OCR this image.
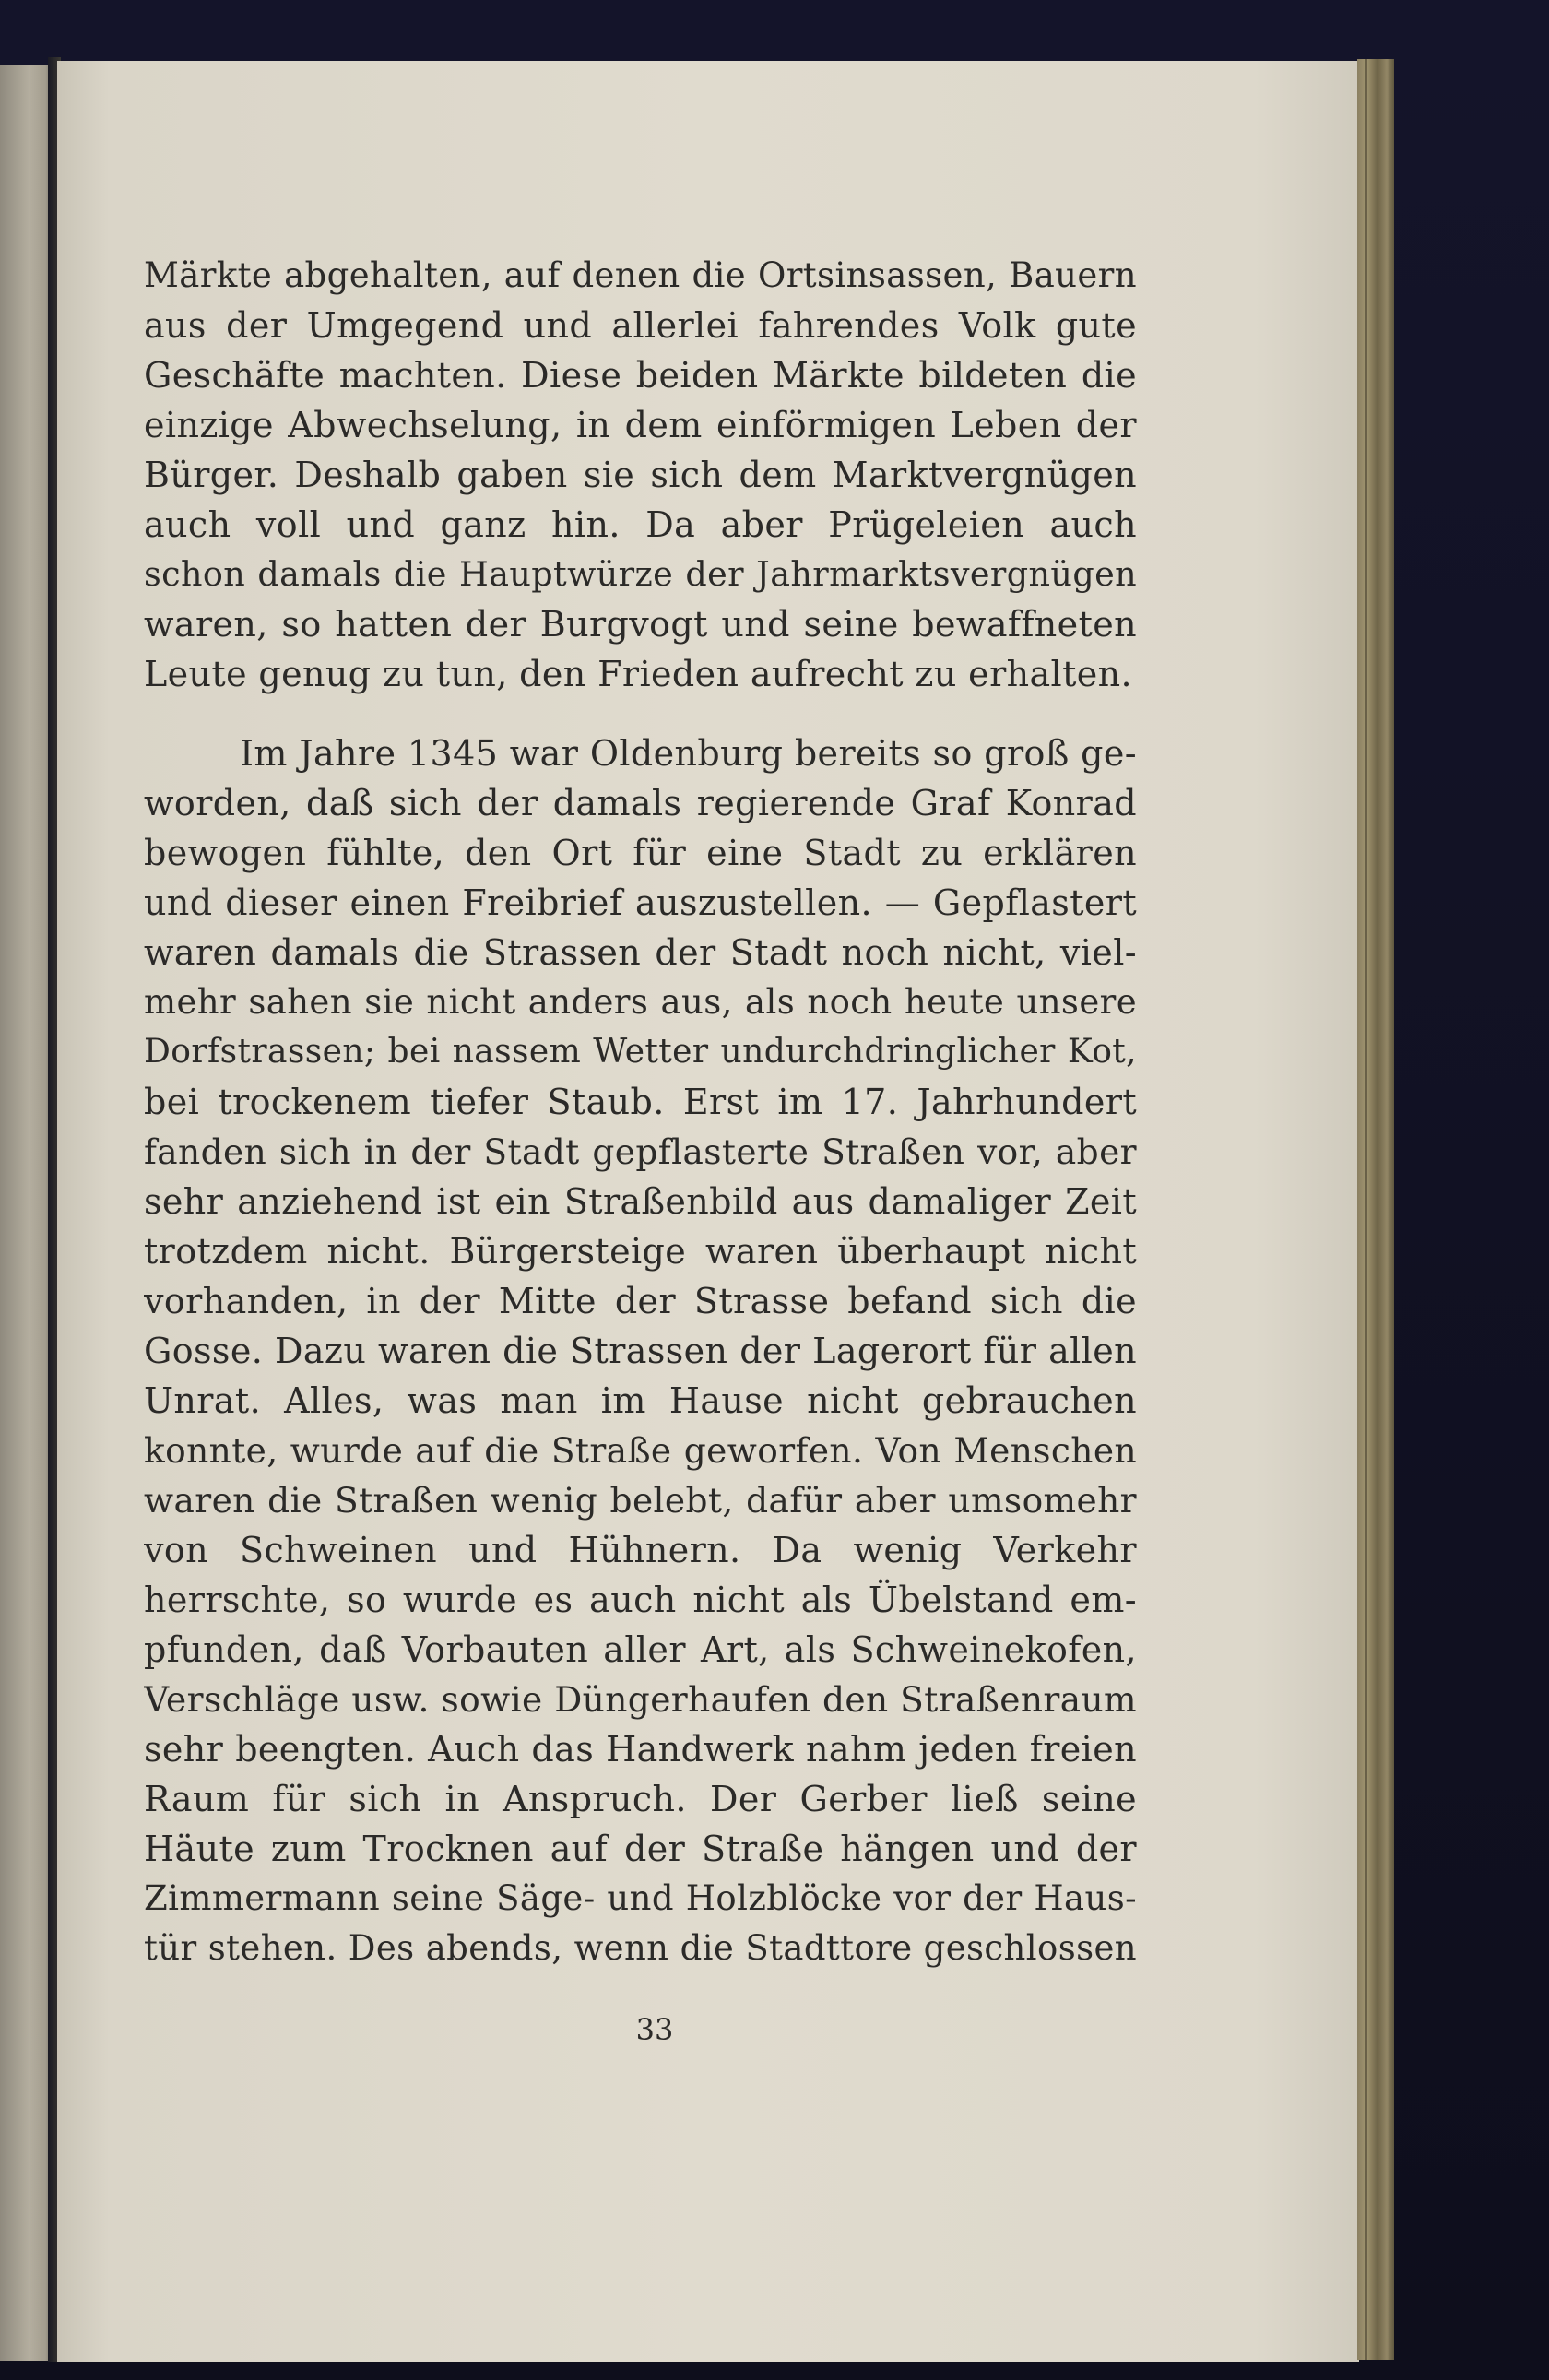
Märkte abgehalten, auf denen die Ortsinsassen, Bauern
aus der Umgegend und allerlei fahrendes Volk gute
Geschäfte machten. Diese beiden Märkte bildeten die
einzige Abwechselung, in dem einförmigen Leben der
Bürger. Deshalb gaben sie sich dem Marktvergnügen
auch voll und ganz hin. Da aber Prügeleien auch
schon damals die Hauptwürze der Jahrmarktsvergnügen
waren, so hatten der Burgvogt und seine bewaffneten
Leute genug zu tun, den Frieden aufrecht zu erhalten.
Im Jahre 1345 war Oldenburg bereits so groß ge-
worden, daß sich der damals regierende Graf Konrad
bewogen fühlte, den Ort für eine Stadt zu erklären
und dieser einen Freibrief auszustellen. — Gepflastert
waren damals die Strassen der Stadt noch nicht, viel-
mehr sahen sie nicht anders aus, als noch heute unsere
Dorfstrassen; bei nassem Wetter undurchdringlicher Kot,
bei trockenem tiefer Staub. Erst im 17. Jahrhundert
fanden sich in der Stadt gepflasterte Straßen vor, aber
sehr anziehend ist ein Straßenbild aus damaliger Zeit
trotzdem nicht. Bürgersteige waren überhaupt nicht
vorhanden, in der Mitte der Strasse befand sich die
Gosse. Dazu waren die Strassen der Lagerort für allen
Unrat. Alles, was man im Hause nicht gebrauchen
konnte, wurde auf die Straße geworfen. Von Menschen
waren die Straßen wenig belebt, dafür aber umsomehr
von Schweinen und Hühnern. Da wenig Verkehr
herrschte, so wurde es auch nicht als Übelstand em-
pfunden, daß Vorbauten aller Art, als Schweinekofen,
Verschläge usw. sowie Düngerhaufen den Straßenraum
sehr beengten. Auch das Handwerk nahm jeden freien
Raum für sich in Anspruch. Der Gerber ließ seine
Häute zum Trocknen auf der Straße hängen und der
Zimmermann seine Säge- und Holzblöcke vor der Haus-
tür stehen. Des abends, wenn die Stadttore geschlossen

33
